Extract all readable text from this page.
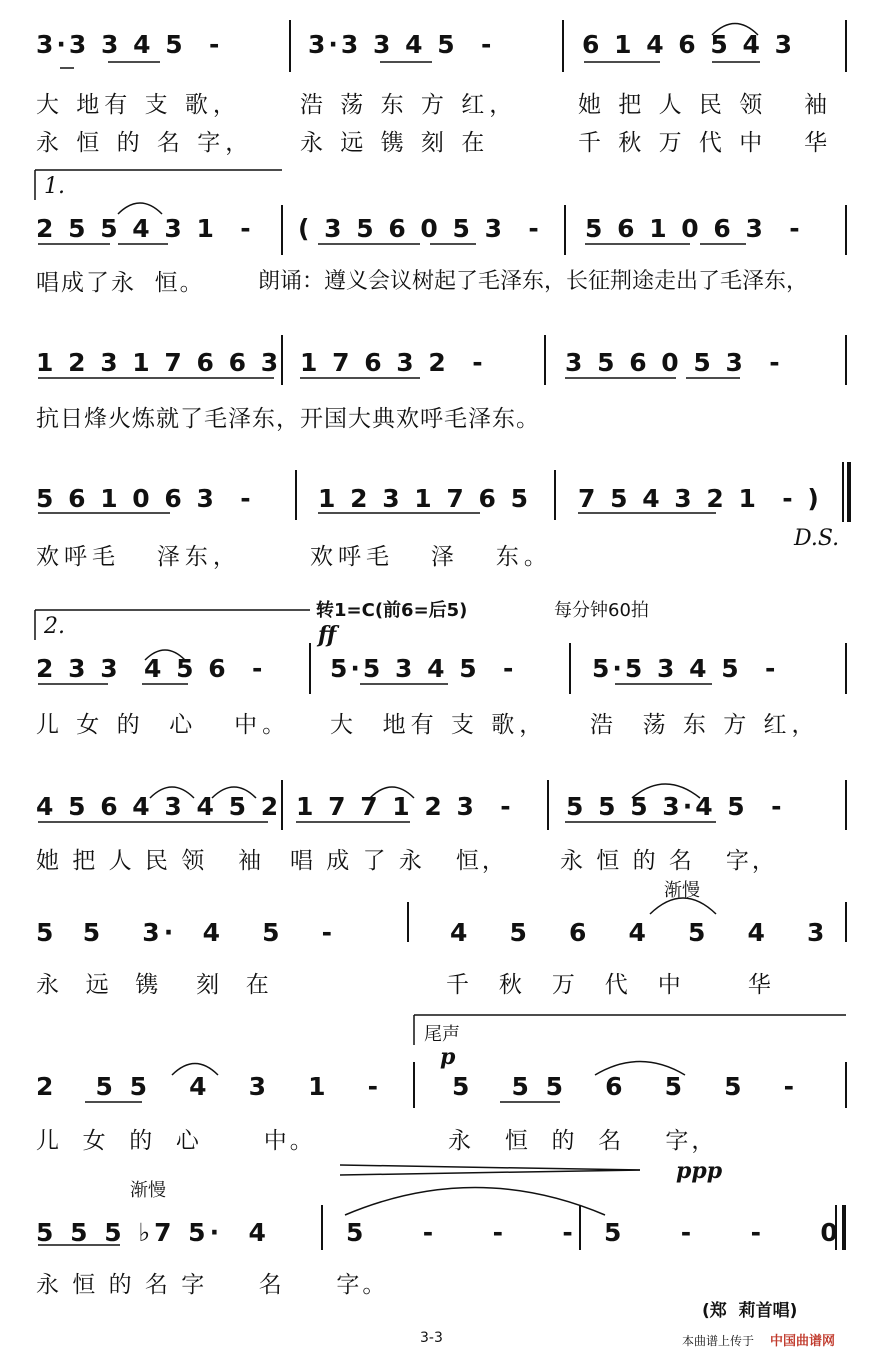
3·3 3 4 5  -	3·3 3 4 5  -	6 1 4 6 5 4 3
大 地有 支 歌，	浩 荡 东 方 红，	她 把 人 民 领   袖
永 恒 的 名 字， 永 远 镌 刻 在	千 秋 万 代 中   华
1.
2 5 5 4 3 1  - ( 3 5 6 0 5 3  - 5 6 1 0 6 3  -
唱成了永  恒。 朗诵：遵义会议树起了毛泽东，长征荆途走出了毛泽东，
1 2 3 1 7 6 6 3 1 7 6 3 2  -	3 5 6 0 5 3  -
抗日烽火炼就了毛泽东， 开国大典欢呼毛泽东。
5 6 1 0 6 3  -	1 2 3 1 7 6 5 7 5 4 3 2 1  - )
欢呼毛   泽东，	欢呼毛   泽   东。
D.S.
2.
转1=C(前6=后5)	每分钟60拍
ff
2 3 3  4 5 6  -	5·5 3 4 5  -	5·5 3 4 5  -
儿 女 的  心   中。 大  地有 支 歌， 浩  荡 东 方 红，
4 5 6 4 3 4 5 2 1 7 7 1 2 3  - 5 5 5 3·4 5  -
她 把 人 民 领   袖 唱 成 了 永   恒， 永 恒 的 名   字，
渐慢
5  5   3·  4   5   -	4   5   6   4   5   4   3
永  远  镌   刻  在	千   秋   万   代   中       华
尾声
p
2   5 5   4   3   1   -	5   5 5   6   5   5   -
儿  女  的  心      中。	永   恒  的  名    字，
渐慢
ppp
5 5 5 ♭7 5·  4	5  -  -  - 5  -  -  0
永 恒 的 名 字     名     字。
(郑  莉首唱)
3-3	本曲谱上传于 中国曲谱网
